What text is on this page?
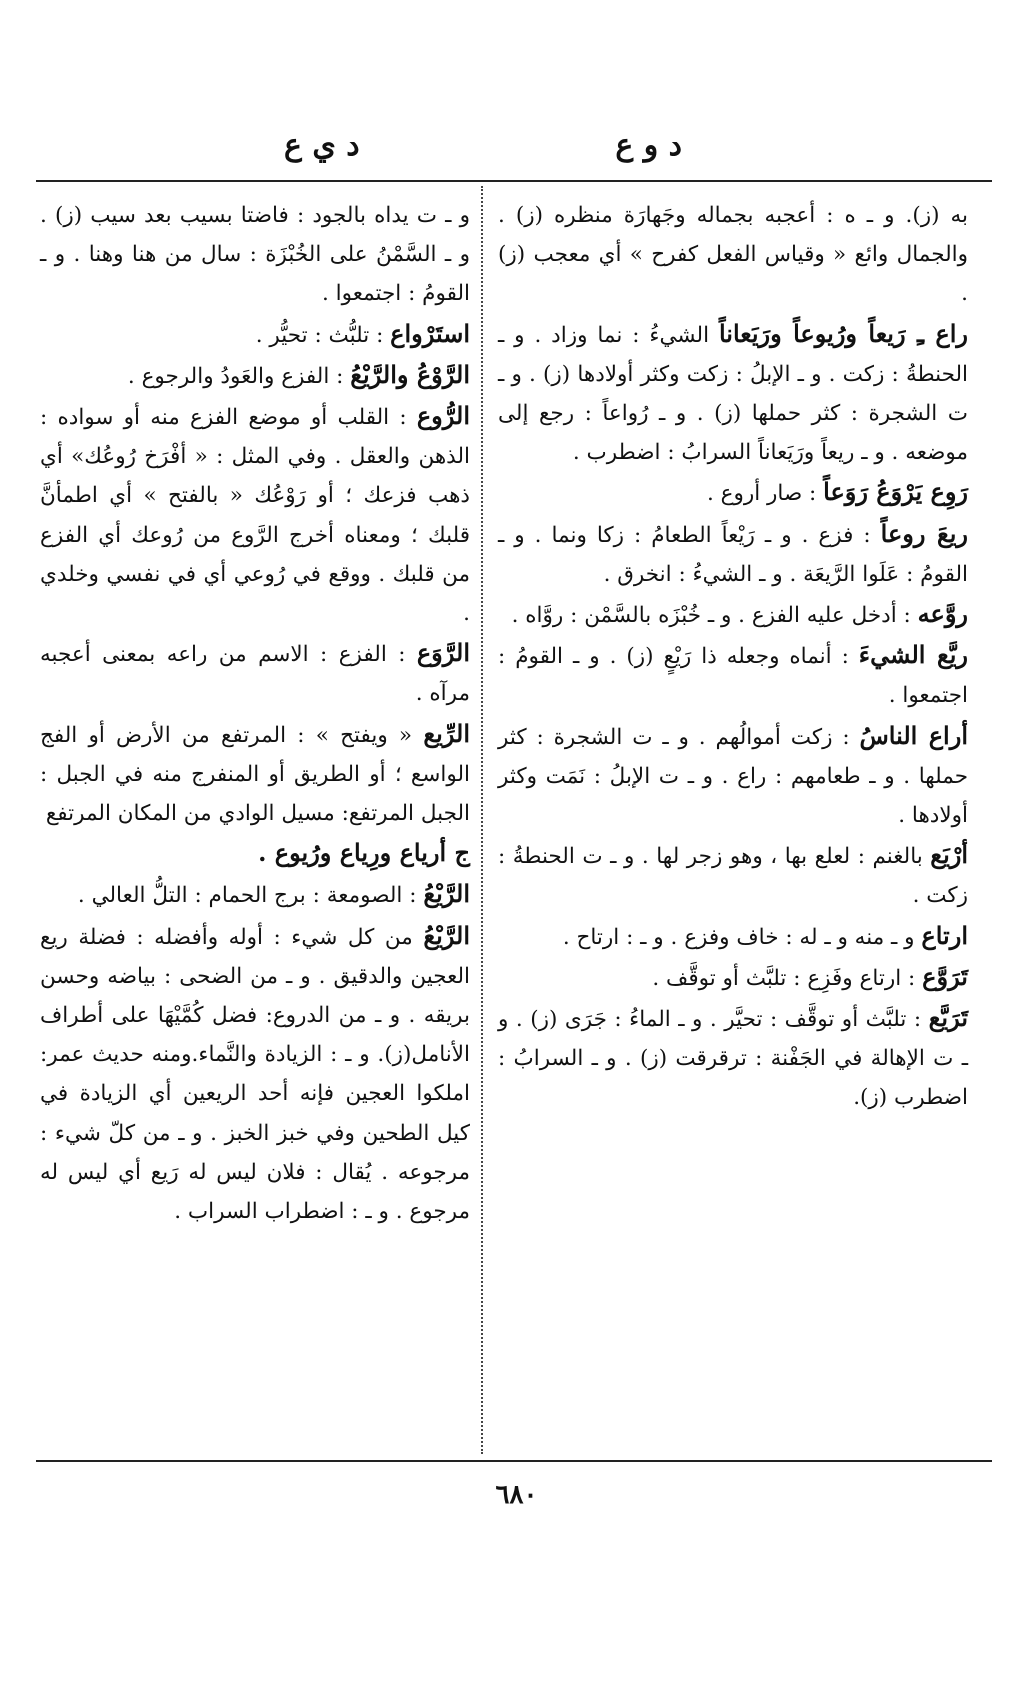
د و ع
د ي ع

به (ز). و ـ ه : أعجبه بجماله وجَهارَة منظره (ز) . والجمال وائع « وقياس الفعل كفرح » أي معجب (ز) .

راع ـِ رَيعاً ورُيوعاً ورَيَعاناً الشيءُ : نما وزاد . و ـ الحنطةُ : زكت . و ـ الإبلُ : زكت وكثر أولادها (ز) . و ـ ت الشجرة : كثر حملها (ز) . و ـ رُواعاً : رجع إلى موضعه . و ـ ريعاً ورَيَعاناً السرابُ : اضطرب .

رَوِع يَرْوَعُ رَوَعاً : صار أروع .

ريعَ روعاً : فزع . و ـ رَيْعاً الطعامُ : زكا ونما . و ـ القومُ : عَلَوا الرَّيعَة . و ـ الشيءُ : انخرق .

روَّعه : أدخل عليه الفزع . و ـ خُبْزَه بالسَّمْن : روَّاه .

ريَّع الشيءَ : أنماه وجعله ذا رَيْعٍ (ز) . و ـ القومُ : اجتمعوا .

أراع الناسُ : زكت أموالُهم . و ـ ت الشجرة : كثر حملها . و ـ طعامهم : راع . و ـ ت الإبلُ : نَمَت وكثر أولادها .

أرْيَع بالغنم : لعلع بها ، وهو زجر لها . و ـ ت الحنطةُ : زكت .

ارتاع و ـ منه و ـ له : خاف وفزع . و ـ : ارتاح .

تَرَوَّع : ارتاع وفَزِع : تلبَّث أو توقَّف .

تَرَيَّع : تلبَّث أو توقَّف : تحيَّر . و ـ الماءُ : جَرَى (ز) . و ـ ت الإهالة في الجَفْنة : ترقرقت (ز) . و ـ السرابُ : اضطرب (ز).

و ـ ت يداه بالجود : فاضتا بسيب بعد سيب (ز) . و ـ السَّمْنُ على الخُبْزَة : سال من هنا وهنا . و ـ القومُ : اجتمعوا .

استَرْواع : تلبُّث : تحيُّر .

الرَّوْعُ والرَّيْعُ : الفزع والعَودُ والرجوع .

الرُّوع : القلب أو موضع الفزع منه أو سواده : الذهن والعقل . وفي المثل : « أفْرَخ رُوعُك» أي ذهب فزعك ؛ أو رَوْعُك « بالفتح » أي اطمأنَّ قلبك ؛ ومعناه أخرج الرَّوع من رُوعك أي الفزع من قلبك . ووقع في رُوعي أي في نفسي وخلدي .

الرَّوَع : الفزع : الاسم من راعه بمعنى أعجبه مرآه .

الرِّيع « ويفتح » : المرتفع من الأرض أو الفج الواسع ؛ أو الطريق أو المنفرج منه في الجبل : الجبل المرتفع: مسيل الوادي من المكان المرتفع

ج أرياع ورِياع ورُيوع .

الرَّيْعُ : الصومعة : برج الحمام : التلُّ العالي .

الرَّيْعُ من كل شيء : أوله وأفضله : فضلة ريع العجين والدقيق . و ـ من الضحى : بياضه وحسن بريقه . و ـ من الدروع: فضل كُمَّيْهَا على أطراف الأنامل(ز). و ـ : الزيادة والنَّماء.ومنه حديث عمر: املكوا العجين فإنه أحد الريعين أي الزيادة في كيل الطحين وفي خبز الخبز . و ـ من كلّ شيء : مرجوعه . يُقال : فلان ليس له رَيع أي ليس له مرجوع . و ـ : اضطراب السراب .

٦٨٠
